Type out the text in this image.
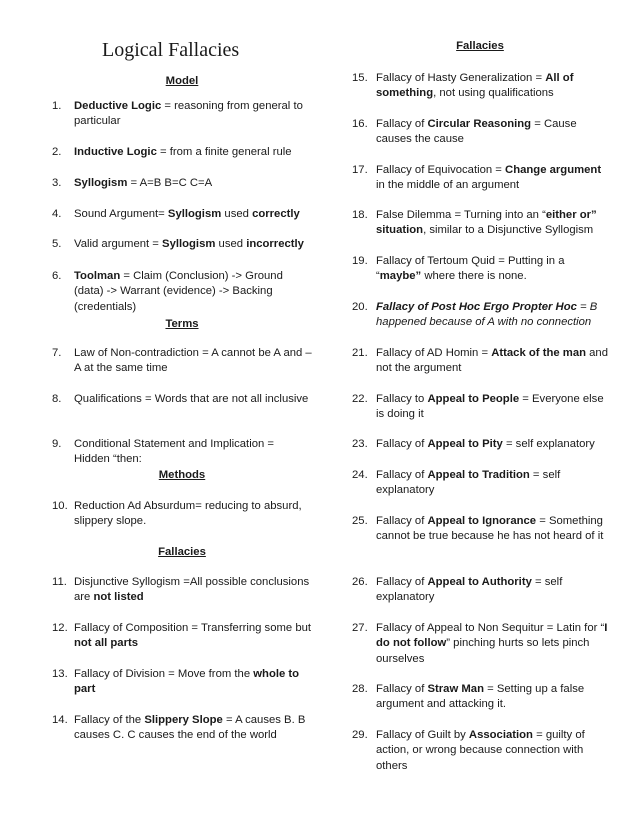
Logical Fallacies
Model
1.	Deductive Logic = reasoning from general to particular
2.	Inductive Logic = from a finite general rule
3.	Syllogism = A=B B=C C=A
4.	Sound Argument= Syllogism used correctly
5.	Valid argument = Syllogism used incorrectly
6.	Toolman = Claim (Conclusion) -> Ground (data) -> Warrant (evidence) -> Backing (credentials)
Terms
7.	Law of Non-contradiction = A cannot be A and –A at the same time
8.	Qualifications = Words that are not all inclusive
9.	Conditional Statement and Implication = Hidden “then:
Methods
10. Reduction Ad Absurdum= reducing to absurd, slippery slope.
Fallacies
11. Disjunctive Syllogism =All possible conclusions are not listed
12. Fallacy of Composition = Transferring some but not all parts
13. Fallacy of Division = Move from the whole to part
14. Fallacy of the Slippery Slope = A causes B. B causes C. C causes the end of the world
Fallacies
15. Fallacy of Hasty Generalization = All of something, not using qualifications
16. Fallacy of Circular Reasoning = Cause causes the cause
17. Fallacy of Equivocation = Change argument in the middle of an argument
18. False Dilemma = Turning into an “either or” situation, similar to a Disjunctive Syllogism
19. Fallacy of Tertoum Quid = Putting in a “maybe” where there is none.
20. Fallacy of Post Hoc Ergo Propter Hoc = B happened because of A with no connection
21. Fallacy of AD Homin = Attack of the man and not the argument
22. Fallacy to Appeal to People = Everyone else is doing it
23. Fallacy of Appeal to Pity = self explanatory
24. Fallacy of Appeal to Tradition = self explanatory
25. Fallacy of Appeal to Ignorance = Something cannot be true because he has not heard of it
26. Fallacy of Appeal to Authority = self explanatory
27. Fallacy of Appeal to Non Sequitur = Latin for “I do not follow” pinching hurts so lets pinch ourselves
28. Fallacy of Straw Man = Setting up a false argument and attacking it.
29. Fallacy of Guilt by Association = guilty of action, or wrong because connection with others
